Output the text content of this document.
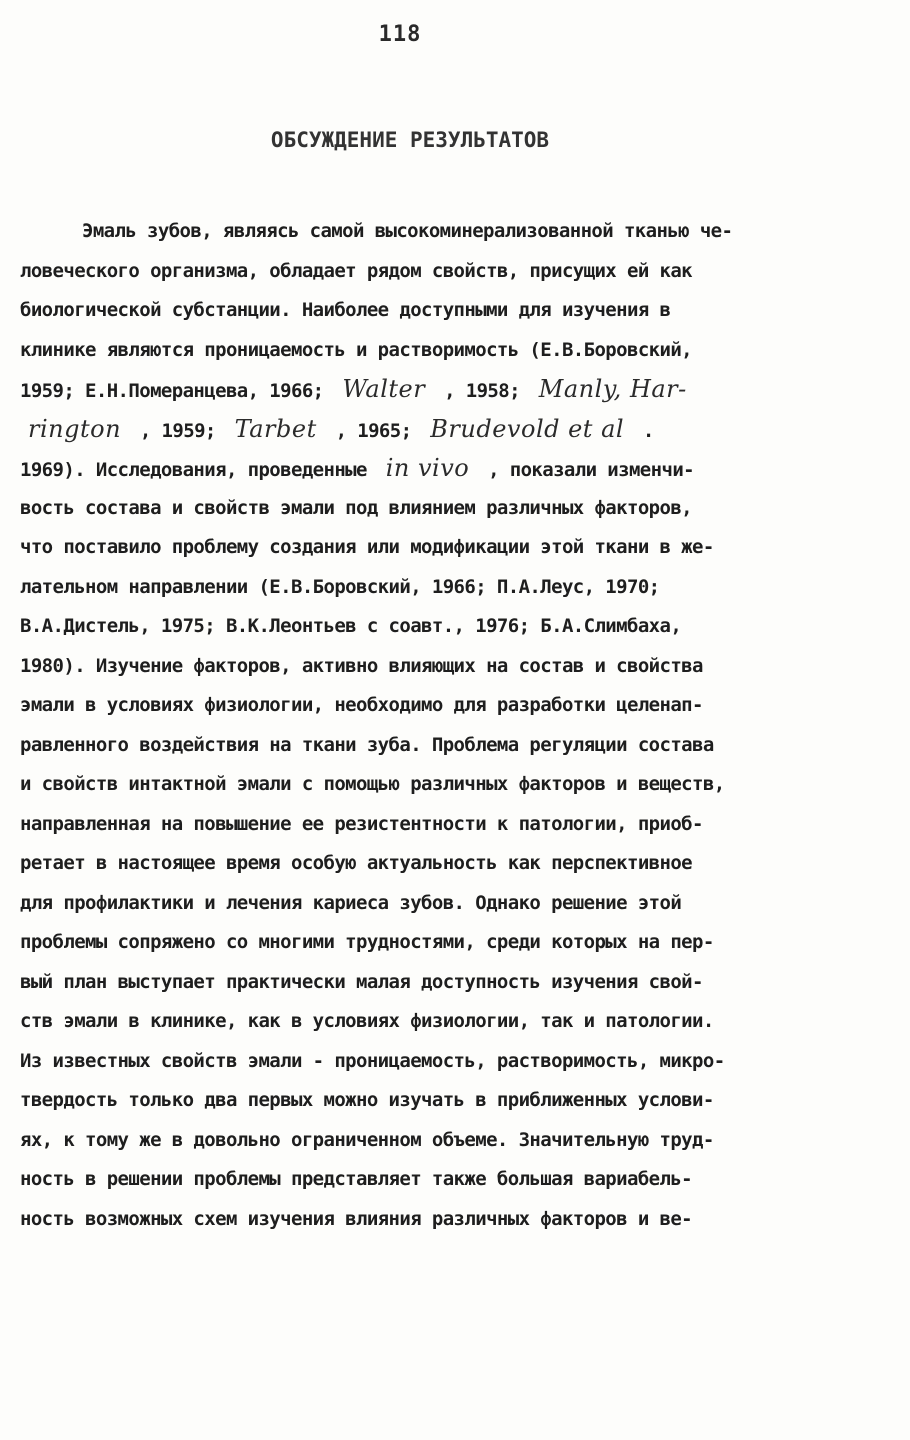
118
ОБСУЖДЕНИЕ РЕЗУЛЬТАТОВ
Эмаль зубов, являясь самой высокоминерализованной тканью че-
ловеческого организма, обладает рядом свойств, присущих ей как
биологической субстанции. Наиболее доступными для изучения в
клинике являются проницаемость и растворимость (Е.В.Боровский,
1959; Е.Н.Померанцева, 1966; Walter , 1958; Manly, Har-
rington , 1959; Tarbet , 1965; Brudevold et al .
1969). Исследования, проведенные in vivo , показали изменчи-
вость состава и свойств эмали под влиянием различных факторов,
что поставило проблему создания или модификации этой ткани в же-
лательном направлении (Е.В.Боровский, 1966; П.А.Леус, 1970;
В.А.Дистель, 1975; В.К.Леонтьев с соавт., 1976; Б.А.Слимбаха,
1980). Изучение факторов, активно влияющих на состав и свойства
эмали в условиях физиологии, необходимо для разработки целенап-
равленного воздействия на ткани зуба. Проблема регуляции состава
и свойств интактной эмали с помощью различных факторов и веществ,
направленная на повышение ее резистентности к патологии, приоб-
ретает в настоящее время особую актуальность как перспективное
для профилактики и лечения кариеса зубов. Однако решение этой
проблемы сопряжено со многими трудностями, среди которых на пер-
вый план выступает практически малая доступность изучения свой-
ств эмали в клинике, как в условиях физиологии, так и патологии.
Из известных свойств эмали - проницаемость, растворимость, микро-
твердость только два первых можно изучать в приближенных услови-
ях, к тому же в довольно ограниченном объеме. Значительную труд-
ность в решении проблемы представляет также большая вариабель-
ность возможных схем изучения влияния различных факторов и ве-
